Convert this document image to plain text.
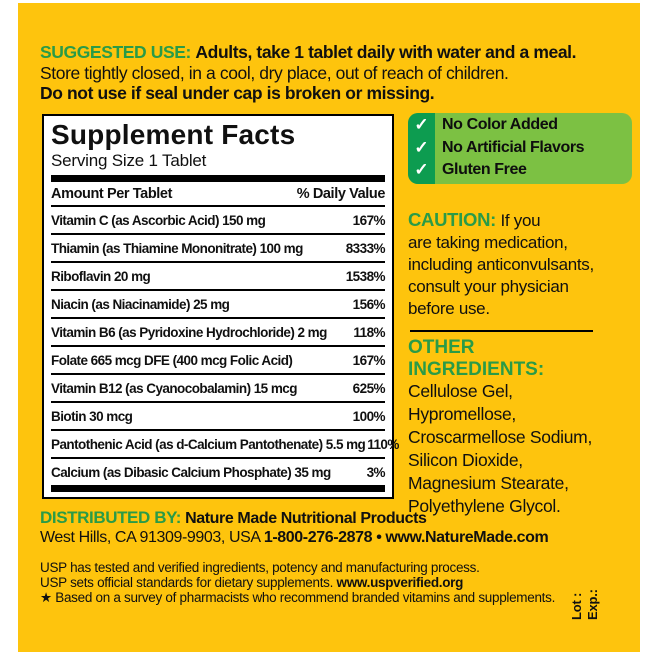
SUGGESTED USE: Adults, take 1 tablet daily with water and a meal.
Store tightly closed, in a cool, dry place, out of reach of children.
Do not use if seal under cap is broken or missing.
Supplement Facts
Serving Size 1 Tablet
Amount Per Tablet	% Daily Value
Vitamin C (as Ascorbic Acid) 150 mg	167%
Thiamin (as Thiamine Mononitrate) 100 mg	8333%
Riboflavin 20 mg	1538%
Niacin (as Niacinamide) 25 mg	156%
Vitamin B6 (as Pyridoxine Hydrochloride) 2 mg 118%
Folate 665 mcg DFE (400 mcg Folic Acid)	167%
Vitamin B12 (as Cyanocobalamin) 15 mcg	625%
Biotin 30 mcg	100%
Pantothenic Acid (as d-Calcium Pantothenate) 5.5 mg 110%
Calcium (as Dibasic Calcium Phosphate) 35 mg	3%
✓
✓
✓
No Color Added
No Artificial Flavors
Gluten Free
CAUTION: If you
are taking medication,
including anticonvulsants,
consult your physician
before use.
OTHER
INGREDIENTS:
Cellulose Gel,
Hypromellose,
Croscarmellose Sodium,
Silicon Dioxide,
Magnesium Stearate,
Polyethylene Glycol.
DISTRIBUTED BY: Nature Made Nutritional Products
West Hills, CA 91309-9903, USA 1-800-276-2878 • www.NatureMade.com
USP has tested and verified ingredients, potency and manufacturing process.
USP sets official standards for dietary supplements. www.uspverified.org
★ Based on a survey of pharmacists who recommend branded vitamins and supplements.	Lot : Exp.:
